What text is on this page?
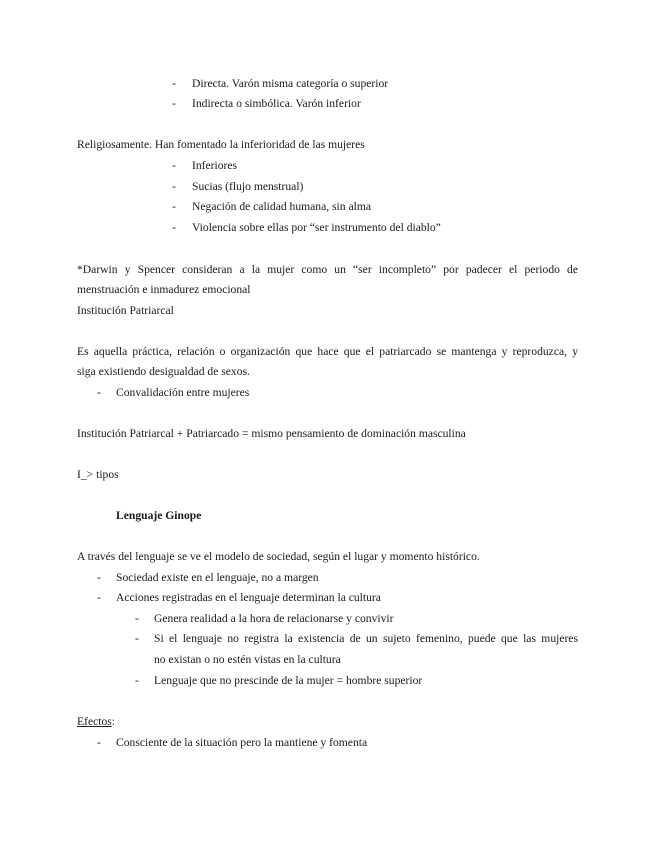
- Directa. Varón misma categoría o superior
- Indirecta o simbólica. Varón inferior
Religiosamente. Han fomentado la inferioridad de las mujeres
- Inferiores
- Sucias (flujo menstrual)
- Negación de calidad humana, sin alma
- Violencia sobre ellas por “ser instrumento del diablo”
*Darwin y Spencer consideran a la mujer como un “ser incompleto” por padecer el periodo de
menstruación e inmadurez emocional
Institución Patriarcal
Es aquella práctica, relación o organización que hace que el patriarcado se mantenga y reproduzca, y
siga existiendo desigualdad de sexos.
- Convalidación entre mujeres
Institución Patriarcal + Patriarcado = mismo pensamiento de dominación masculina
I_> tipos
Lenguaje Ginope
A través del lenguaje se ve el modelo de sociedad, según el lugar y momento histórico.
- Sociedad existe en el lenguaje, no a margen
- Acciones registradas en el lenguaje determinan la cultura
- Genera realidad a la hora de relacionarse y convivir
- Si el lenguaje no registra la existencia de un sujeto femenino, puede que las mujeres
no existan o no estén vistas en la cultura
- Lenguaje que no prescinde de la mujer = hombre superior
Efectos:
- Consciente de la situación pero la mantiene y fomenta
